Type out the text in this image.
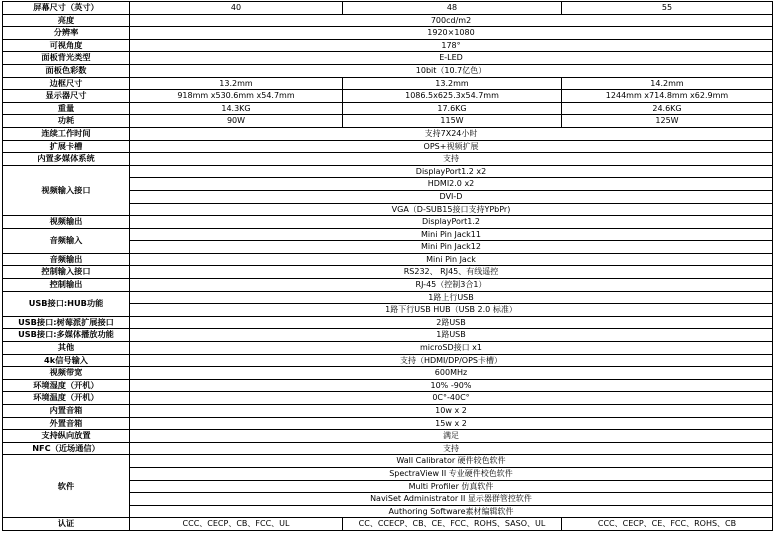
屏幕尺寸（英寸）	40	48	55
亮度	700cd/m2		
分辨率	1920×1080		
可视角度	178°		
面板背光类型	E-LED		
面板色彩数	10bit（10.7亿色）		
边框尺寸	13.2mm	13.2mm	14.2mm
显示器尺寸	918mm x530.6mm x54.7mm	1086.5x625.3x54.7mm	1244mm x714.8mm x62.9mm
重量	14.3KG	17.6KG	24.6KG
功耗	90W	115W	125W
连续工作时间	支持7X24小时		
扩展卡槽	OPS+视频扩展		
内置多媒体系统	支持		
视频输入接口	DisplayPort1.2 x2		
	HDMI2.0 x2		
	DVI-D		
	VGA（D-SUB15接口支持YPbPr)		
视频输出	DisplayPort1.2		
音频输入	Mini Pin Jack11		
	Mini Pin Jack12		
音频输出	Mini Pin Jack		
控制输入接口	RS232、 RJ45、有线遥控		
控制输出	RJ-45（控制3合1）		
USB接口:HUB功能	1路上行USB		
	1路下行USB HUB（USB 2.0 标准）		
USB接口:树莓派扩展接口	2路USB		
USB接口:多媒体播放功能	1路USB		
其他	microSD接口 x1		
4k信号输入	支持（HDMI/DP/OPS卡槽）		
视频带宽	600MHz		
环境湿度（开机）	10% -90%		
环境温度（开机）	0C°-40C°		
内置音箱	10w x 2		
外置音箱	15w x 2		
支持纵向放置	满足		
NFC（近场通信）	支持		
软件	Wall Calibrator 硬件较色软件		
	SpectraView II 专业硬件校色软件		
	Multi Profiler 仿真软件		
	NaviSet Administrator II 显示器群管控软件		
	Authoring Software素材编辑软件		
认证	CCC、CECP、CB、FCC、UL	CC、CCECP、CB、CE、FCC、ROHS、SASO、UL	CCC、CECP、CE、FCC、ROHS、CB
